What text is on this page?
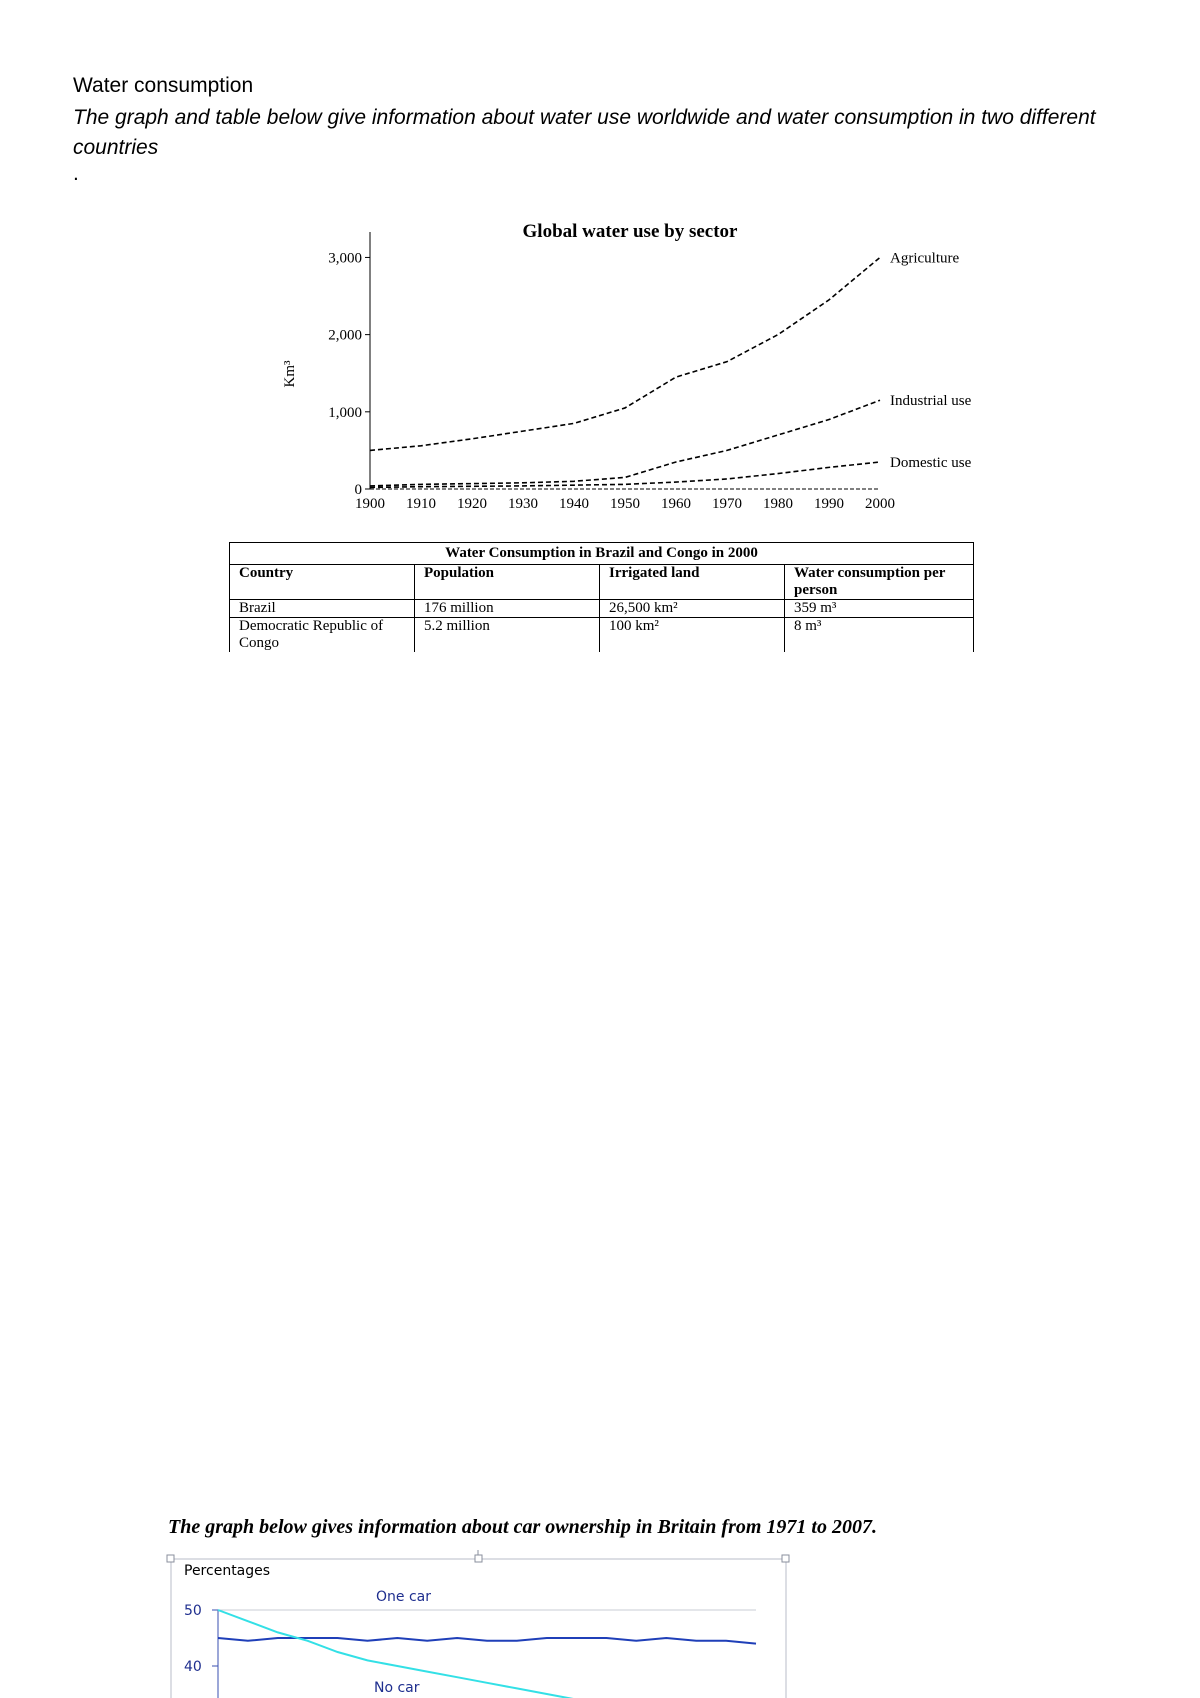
Water consumption
The graph and table below give information about water use worldwide and water consumption in two different countries
.
Global water use by sector
Km³
0
1,000
2,000
3,000
1900 1910 1920 1930 1940 1950 1960 1970 1980 1990 2000
Agriculture
Industrial use
Domestic use
Water Consumption in Brazil and Congo in 2000			
Country	Population	Irrigated land	Water consumption per person
Brazil	176 million	26,500 km²	359 m³
Democratic Republic of Congo	5.2 million	100 km²	8 m³
The graph below gives information about car ownership in Britain from 1971 to 2007.
Percentages
50
40
One car
No car
